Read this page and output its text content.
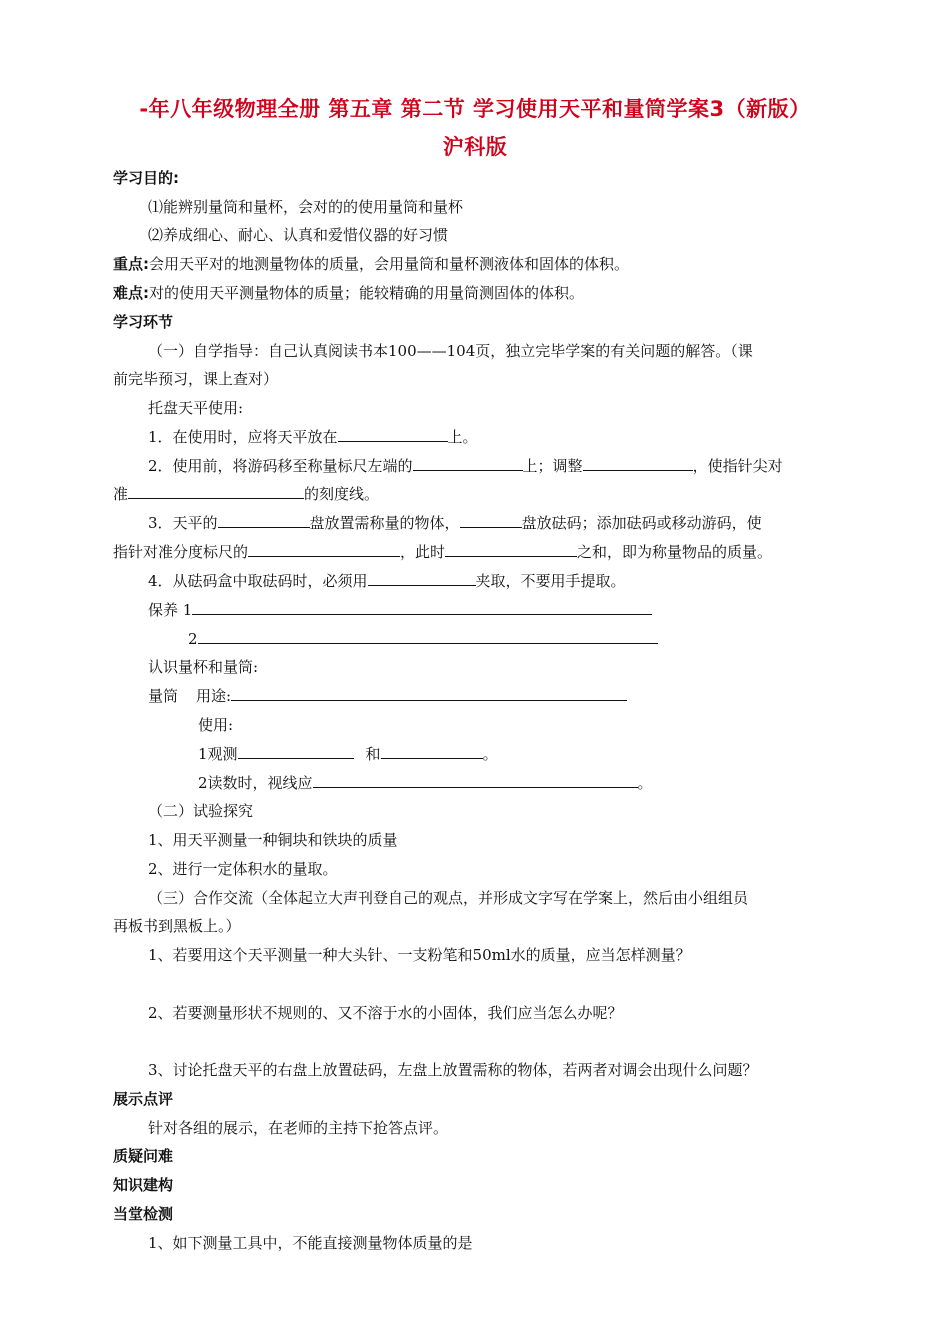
-年八年级物理全册 第五章 第二节 学习使用天平和量筒学案3（新版）
沪科版
学习目的:
⑴能辨别量筒和量杯，会对的的使用量筒和量杯
⑵养成细心、耐心、认真和爱惜仪器的好习惯
重点:会用天平对的地测量物体的质量，会用量筒和量杯测液体和固体的体积。
难点:对的使用天平测量物体的质量；能较精确的用量筒测固体的体积。
学习环节
（一）自学指导：自己认真阅读书本100——104页，独立完毕学案的有关问题的解答。（课
前完毕预习，课上查对）
托盘天平使用:
1．在使用时，应将天平放在	上。
2．使用前，将游码移至称量标尺左端的	上；调整	，使指针尖对
准	的刻度线。
3．天平的	盘放置需称量的物体，	盘放砝码；添加砝码或移动游码，使
指针对准分度标尺的	，此时	之和，即为称量物品的质量。
4．从砝码盒中取砝码时，必须用	夹取，不要用手提取。
保养 1
2
认识量杯和量筒:
量筒 用途:
使用:
1观测	和	。
2读数时，视线应	。
（二）试验探究
1、用天平测量一种铜块和铁块的质量
2、进行一定体积水的量取。
（三）合作交流（全体起立大声刊登自己的观点，并形成文字写在学案上，然后由小组组员
再板书到黑板上。）
1、若要用这个天平测量一种大头针、一支粉笔和50ml水的质量，应当怎样测量？
2、若要测量形状不规则的、又不溶于水的小固体，我们应当怎么办呢？
3、讨论托盘天平的右盘上放置砝码，左盘上放置需称的物体，若两者对调会出现什么问题？
展示点评
针对各组的展示，在老师的主持下抢答点评。
质疑问难
知识建构
当堂检测
1、如下测量工具中，不能直接测量物体质量的是
